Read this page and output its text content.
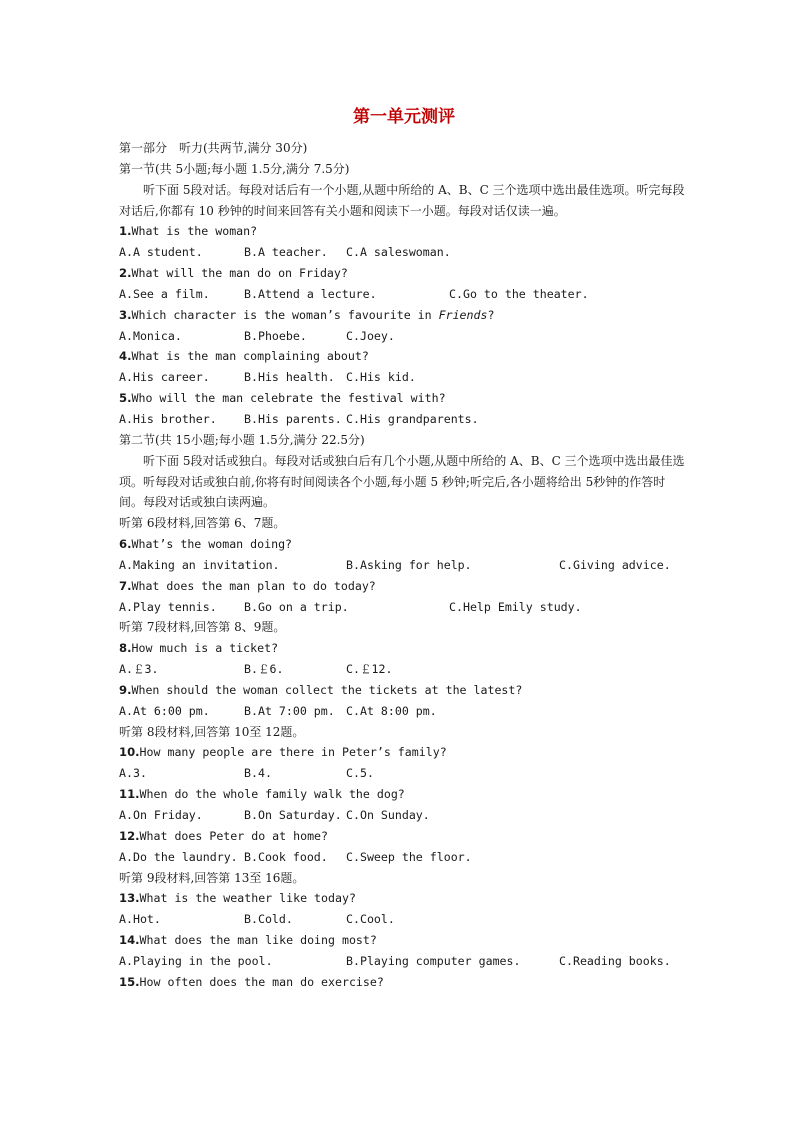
第一单元测评
第一部分　听力(共两节,满分 30分)
第一节(共 5小题;每小题 1.5分,满分 7.5分)
听下面 5段对话。每段对话后有一个小题,从题中所给的 A、B、C 三个选项中选出最佳选项。听完每段对话后,你都有 10 秒钟的时间来回答有关小题和阅读下一小题。每段对话仅读一遍。
1.What is the woman?
A.A student.	B.A teacher.	C.A saleswoman.
2.What will the man do on Friday?
A.See a film.	B.Attend a lecture.	C.Go to the theater.
3.Which character is the woman’s favourite in Friends?
A.Monica.	B.Phoebe.	C.Joey.
4.What is the man complaining about?
A.His career.	B.His health. C.His kid.
5.Who will the man celebrate the festival with?
A.His brother.	B.His parents. C.His grandparents.
第二节(共 15小题;每小题 1.5分,满分 22.5分)
听下面 5段对话或独白。每段对话或独白后有几个小题,从题中所给的 A、B、C 三个选项中选出最佳选项。听每段对话或独白前,你将有时间阅读各个小题,每小题 5 秒钟;听完后,各小题将给出 5秒钟的作答时间。每段对话或独白读两遍。
听第 6段材料,回答第 6、7题。
6.What’s the woman doing?
A.Making an invitation.	B.Asking for help.	C.Giving advice.
7.What does the man plan to do today?
A.Play tennis.	B.Go on a trip.	C.Help Emily study.
听第 7段材料,回答第 8、9题。
8.How much is a ticket?
A.￡3.	B.￡6.	C.￡12.
9.When should the woman collect the tickets at the latest?
A.At 6:00 pm.	B.At 7:00 pm. C.At 8:00 pm.
听第 8段材料,回答第 10至 12题。
10.How many people are there in Peter’s family?
A.3.	B.4.	C.5.
11.When do the whole family walk the dog?
A.On Friday.	B.On Saturday. C.On Sunday.
12.What does Peter do at home?
A.Do the laundry. B.Cook food.	C.Sweep the floor.
听第 9段材料,回答第 13至 16题。
13.What is the weather like today?
A.Hot.	B.Cold.	C.Cool.
14.What does the man like doing most?
A.Playing in the pool.	B.Playing computer games.	C.Reading books.
15.How often does the man do exercise?
